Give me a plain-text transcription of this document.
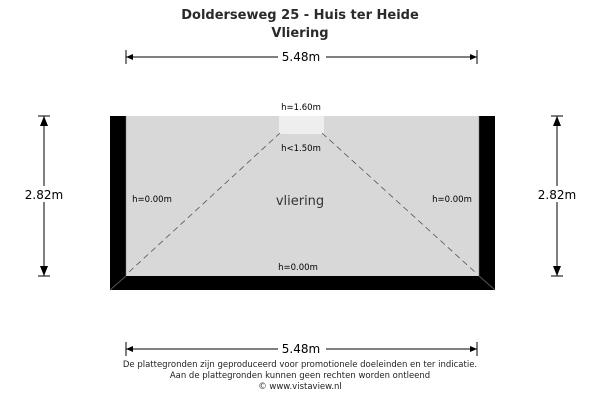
Dolderseweg 25 - Huis ter Heide
Vliering
5.48m
5.48m
2.82m	2.82m
h=1.60m
h<1.50m
h=0.00m	h=0.00m
h=0.00m
vliering
De plattegronden zijn geproduceerd voor promotionele doeleinden en ter indicatie.
Aan de plattegronden kunnen geen rechten worden ontleend
© www.vistaview.nl
